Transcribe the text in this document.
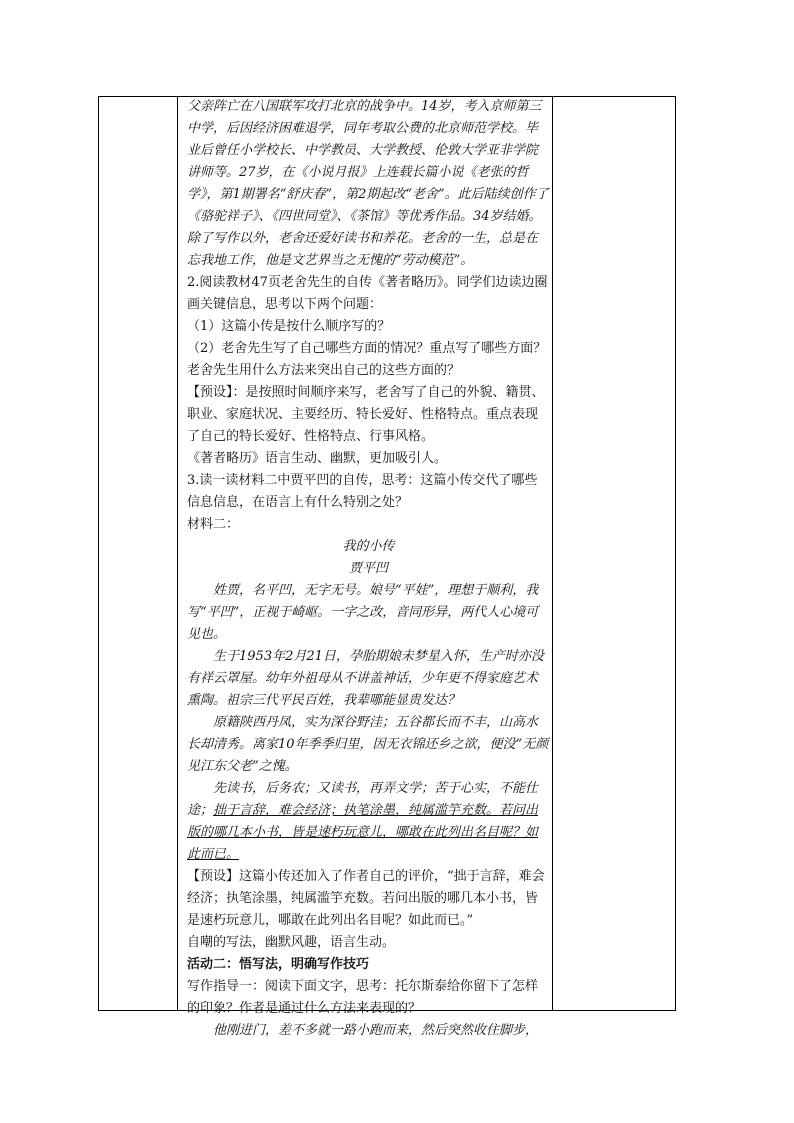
父亲阵亡在八国联军攻打北京的战争中。14岁，考入京师第三中学，后因经济困难退学，同年考取公费的北京师范学校。毕业后曾任小学校长、中学教员、大学教授、伦敦大学亚非学院讲师等。27岁，在《小说月报》上连载长篇小说《老张的哲学》，第1期署名“舒庆春”，第2期起改“老舍”。此后陆续创作了《骆驼祥子》、《四世同堂》、《茶馆》等优秀作品。34岁结婚。除了写作以外，老舍还爱好读书和养花。老舍的一生，总是在忘我地工作，他是文艺界当之无愧的“劳动模范”。

2.阅读教材47页老舍先生的自传《著者略历》。同学们边读边圈画关键信息，思考以下两个问题：

（1）这篇小传是按什么顺序写的？

（2）老舍先生写了自己哪些方面的情况？重点写了哪些方面？老舍先生用什么方法来突出自己的这些方面的？

【预设】：是按照时间顺序来写，老舍写了自己的外貌、籍贯、职业、家庭状况、主要经历、特长爱好、性格特点。重点表现了自己的特长爱好、性格特点、行事风格。

《著者略历》语言生动、幽默，更加吸引人。

3.读一读材料二中贾平凹的自传，思考：这篇小传交代了哪些信息信息，在语言上有什么特别之处？

材料二：

我的小传

贾平凹

姓贾，名平凹，无字无号。娘号“平娃”，理想于顺利，我写“平凹”，正视于崎岖。一字之改，音同形异，两代人心境可见也。

生于1953年2月21日，孕胎期娘未梦星入怀，生产时亦没有祥云罩屋。幼年外祖母从不讲盖神话，少年更不得家庭艺术熏陶。祖宗三代平民百姓，我辈哪能显贵发达？

原籍陕西丹凤，实为深谷野洼；五谷都长而不丰，山高水长却清秀。离家10年季季归里，因无衣锦还乡之欲，便没“无颜见江东父老”之愧。

先读书，后务农；又读书，再弄文学；苦于心实，不能仕途；拙于言辞，难会经济；执笔涂墨，纯属滥竽充数。若问出版的哪几本小书，皆是速朽玩意儿，哪敢在此列出名目呢？如此而已。

【预设】这篇小传还加入了作者自己的评价，“拙于言辞，难会经济；执笔涂墨，纯属滥竽充数。若问出版的哪几本小书，皆是速朽玩意儿，哪敢在此列出名目呢？如此而已。”

自嘲的写法，幽默风趣，语言生动。

活动二：悟写法，明确写作技巧

写作指导一：阅读下面文字，思考：托尔斯泰给你留下了怎样的印象？作者是通过什么方法来表现的？

他刚进门，差不多就一路小跑而来，然后突然收住脚步，
